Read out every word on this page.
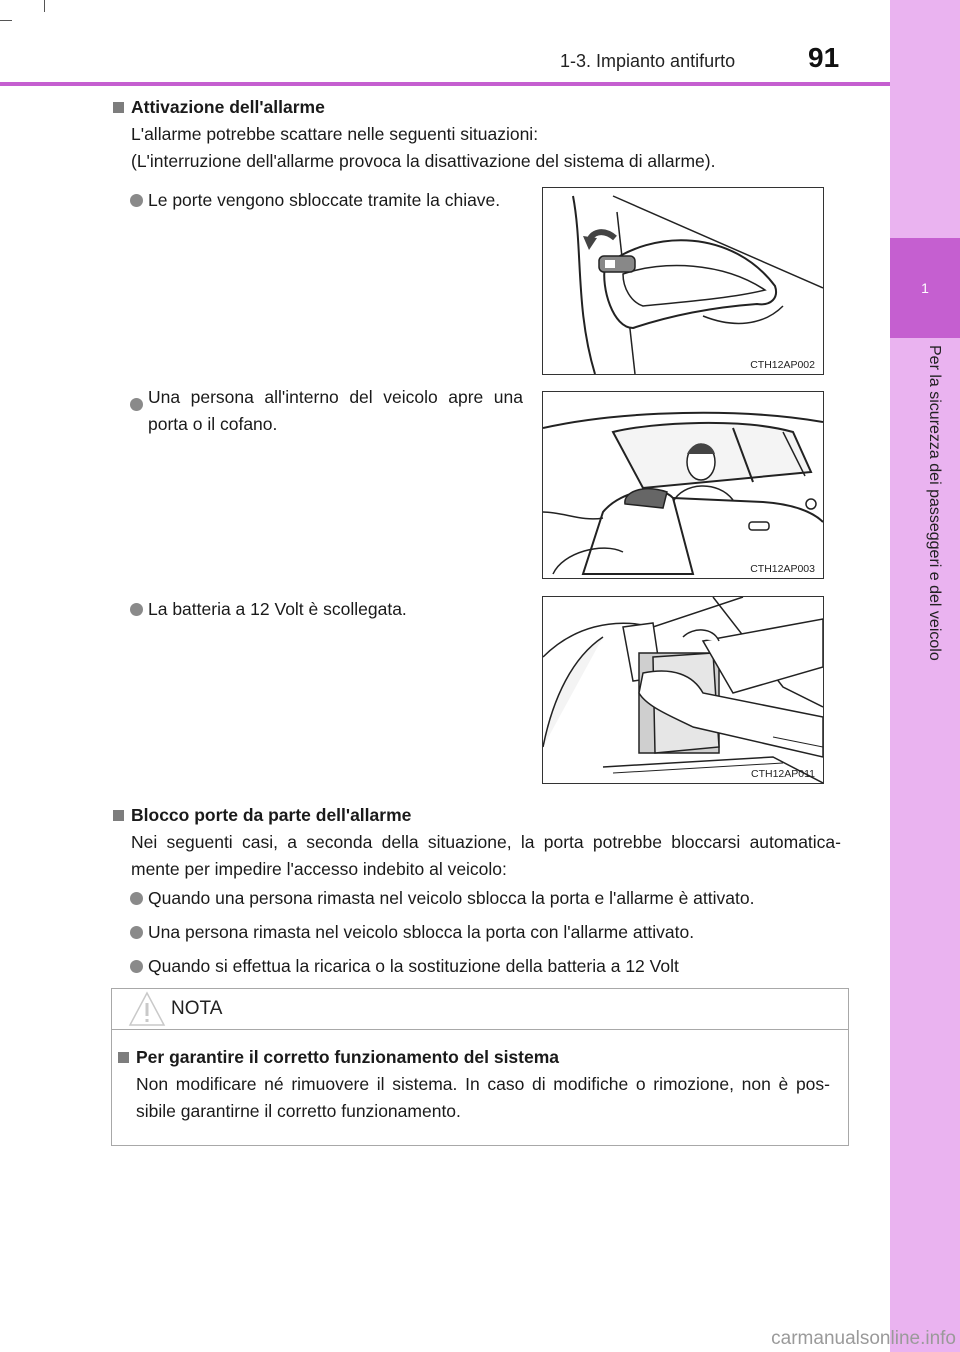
1-3. Impianto antifurto	91
1
Per la sicurezza dei passeggeri e del veicolo
Attivazione dell'allarme
L'allarme potrebbe scattare nelle seguenti situazioni:
(L'interruzione dell'allarme provoca la disattivazione del sistema di allarme).
Le porte vengono sbloccate tramite la chiave.
CTH12AP002
Una persona all'interno del veicolo apre una porta o il cofano.
CTH12AP003
La batteria a 12 Volt è scollegata.
CTH12AP011
Blocco porte da parte dell'allarme
Nei seguenti casi, a seconda della situazione, la porta potrebbe bloccarsi automatica-mente per impedire l'accesso indebito al veicolo:
Quando una persona rimasta nel veicolo sblocca la porta e l'allarme è attivato.
Una persona rimasta nel veicolo sblocca la porta con l'allarme attivato.
Quando si effettua la ricarica o la sostituzione della batteria a 12 Volt
NOTA
Per garantire il corretto funzionamento del sistema
Non modificare né rimuovere il sistema. In caso di modifiche o rimozione, non è pos-sibile garantirne il corretto funzionamento.
carmanualsonline.info
